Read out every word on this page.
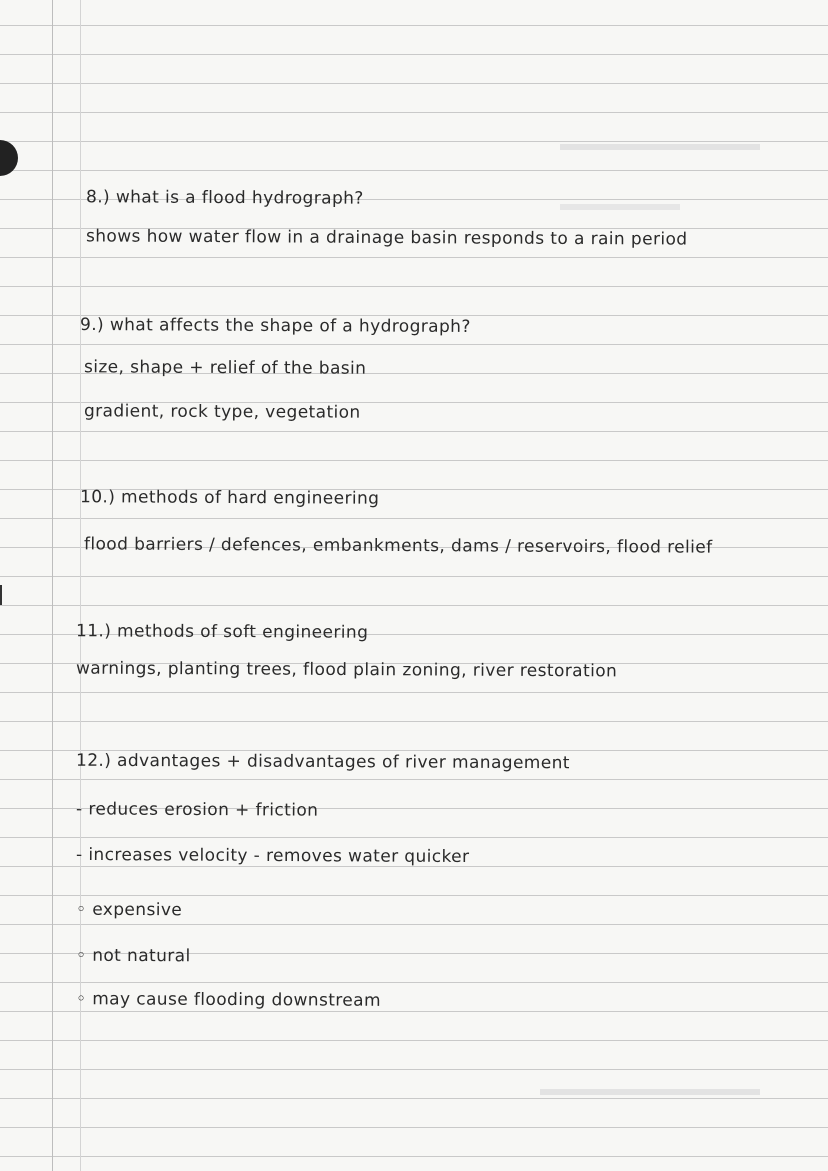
8.) what is a flood hydrograph?
shows how water flow in a drainage basin responds to a rain period
9.) what affects the shape of a hydrograph?
size, shape + relief of the basin
gradient, rock type, vegetation
10.) methods of hard engineering
flood barriers / defences, embankments, dams / reservoirs, flood relief
11.) methods of soft engineering
warnings, planting trees, flood plain zoning, river restoration
12.) advantages + disadvantages of river management
- reduces erosion + friction
- increases velocity - removes water quicker
◦ expensive
◦ not natural
◦ may cause flooding downstream
